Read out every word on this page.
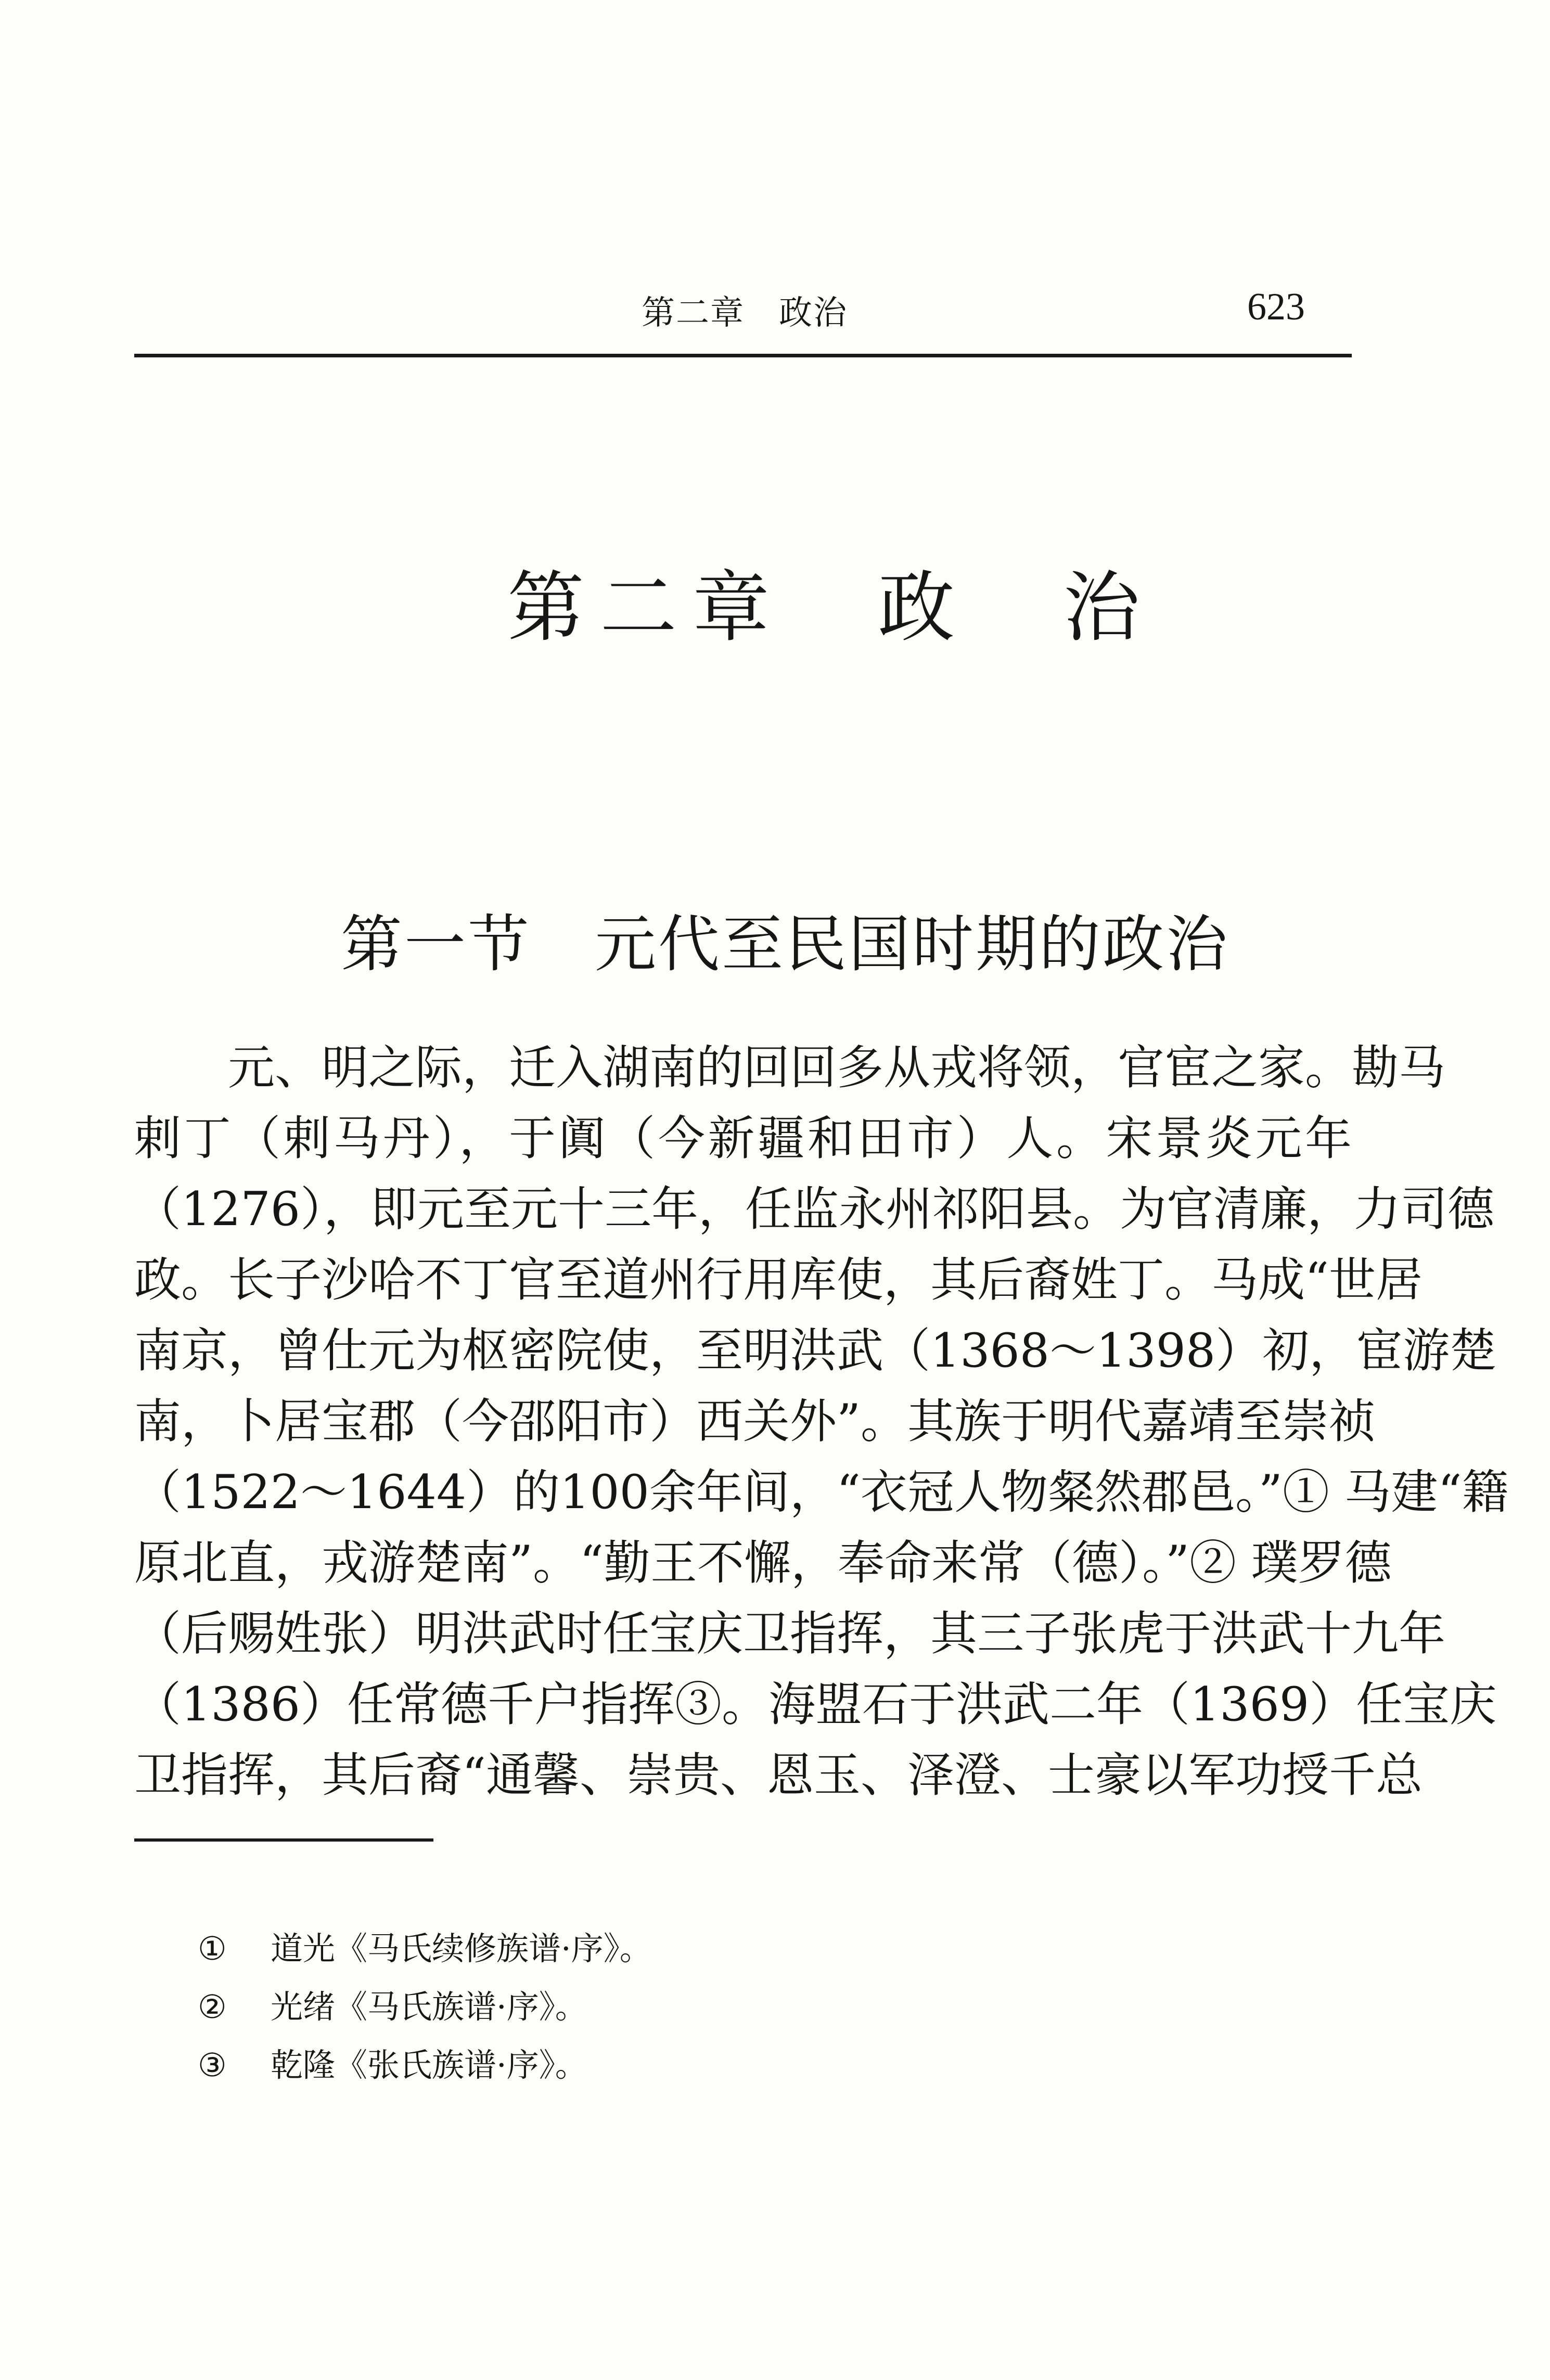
第二章　政治	623
第二章　政　治
第一节　元代至民国时期的政治
元、明之际，迁入湖南的回回多从戎将领，官宦之家。勘马
剌丁（剌马丹），于阗（今新疆和田市）人。宋景炎元年
（1276），即元至元十三年，任监永州祁阳县。为官清廉，力司德
政。长子沙哈不丁官至道州行用库使，其后裔姓丁。马成“世居
南京，曾仕元为枢密院使，至明洪武（1368～1398）初，宦游楚
南，卜居宝郡（今邵阳市）西关外”。其族于明代嘉靖至崇祯
（1522～1644）的100余年间，“衣冠人物粲然郡邑。”① 马建“籍
原北直，戎游楚南”。“勤王不懈，奉命来常（德）。”② 璞罗德
（后赐姓张）明洪武时任宝庆卫指挥，其三子张虎于洪武十九年
（1386）任常德千户指挥③。海盟石于洪武二年（1369）任宝庆
卫指挥，其后裔“通馨、崇贵、恩玉、泽澄、士豪以军功授千总
① 道光《马氏续修族谱·序》。
② 光绪《马氏族谱·序》。
③ 乾隆《张氏族谱·序》。
